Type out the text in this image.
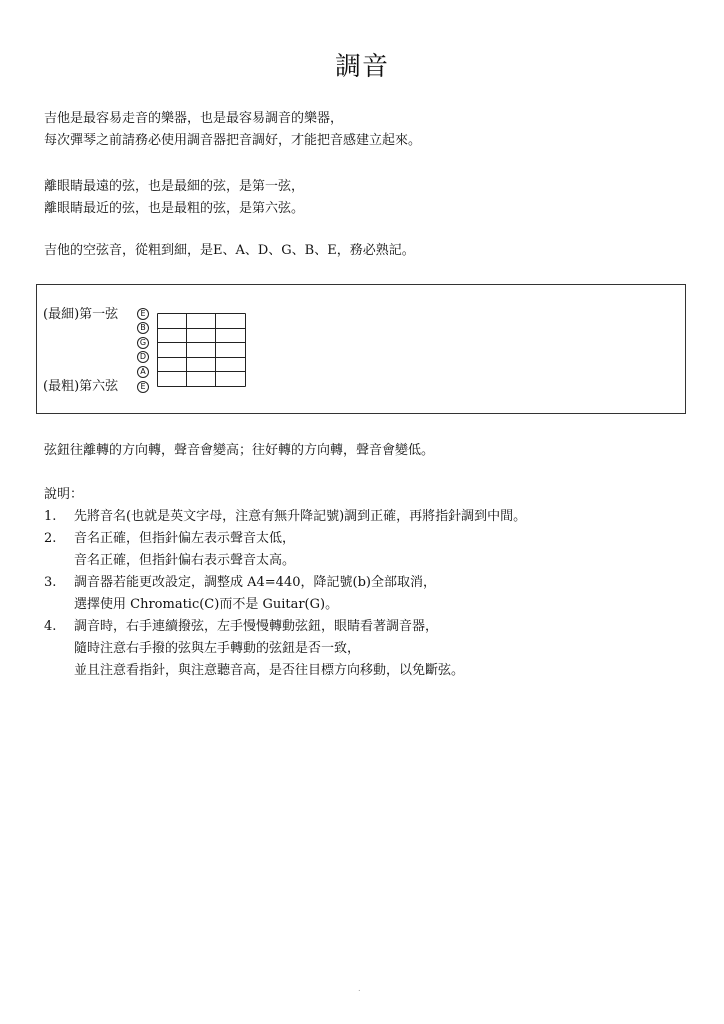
調音
吉他是最容易走音的樂器，也是最容易調音的樂器，
每次彈琴之前請務必使用調音器把音調好，才能把音感建立起來。
離眼睛最遠的弦，也是最細的弦，是第一弦，
離眼睛最近的弦，也是最粗的弦，是第六弦。
吉他的空弦音，從粗到細，是E、A、D、G、B、E，務必熟記。
(最細)第一弦
(最粗)第六弦
E
B
G
D
A
E
弦鈕往離轉的方向轉，聲音會變高；往好轉的方向轉，聲音會變低。
說明：
1. 先將音名(也就是英文字母，注意有無升降記號)調到正確，再將指針調到中間。
2. 音名正確，但指針偏左表示聲音太低，
音名正確，但指針偏右表示聲音太高。
3. 調音器若能更改設定，調整成 A4=440，降記號(b)全部取消，
選擇使用 Chromatic(C)而不是 Guitar(G)。
4. 調音時，右手連續撥弦，左手慢慢轉動弦鈕，眼睛看著調音器，
隨時注意右手撥的弦與左手轉動的弦鈕是否一致，
並且注意看指針，與注意聽音高，是否往目標方向移動，以免斷弦。
.
